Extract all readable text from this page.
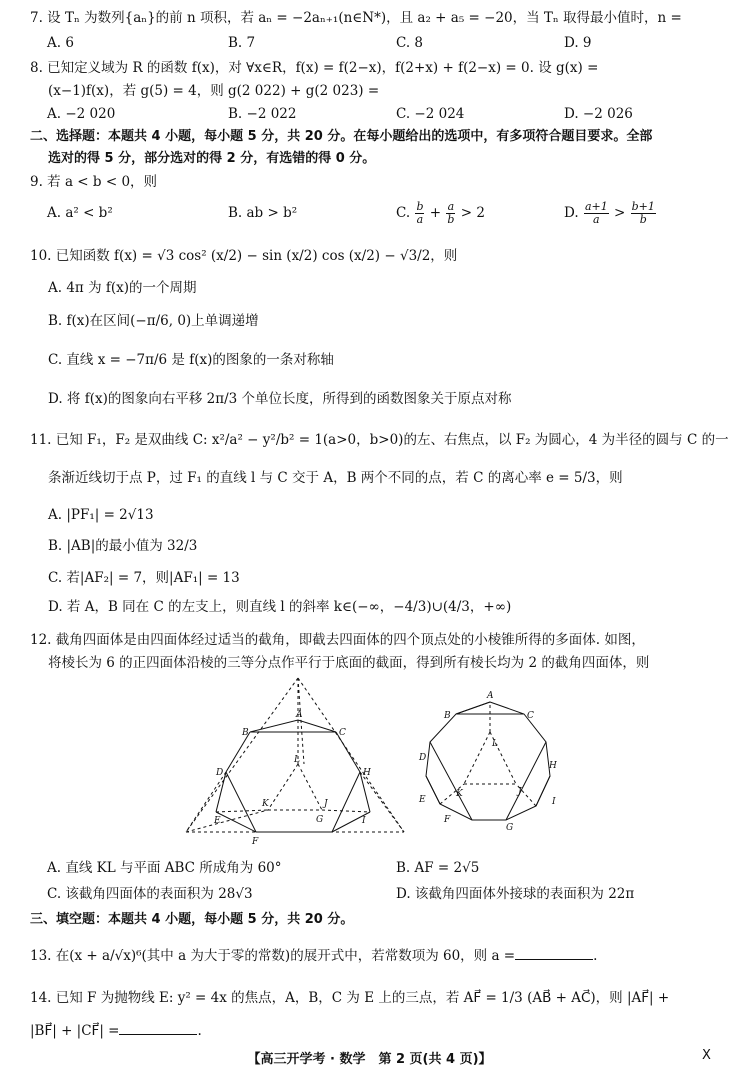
7. 设 Tₙ 为数列{aₙ}的前 n 项积，若 aₙ = −2aₙ₊₁(n∈N*)，且 a₂ + a₅ = −20，当 Tₙ 取得最小值时，n =
A. 6	B. 7	C. 8	D. 9
8. 已知定义域为 R 的函数 f(x)，对 ∀x∈R，f(x) = f(2−x)，f(2+x) + f(2−x) = 0. 设 g(x) =
(x−1)f(x)，若 g(5) = 4，则 g(2 022) + g(2 023) =
A. −2 020	B. −2 022	C. −2 024	D. −2 026
二、选择题：本题共 4 小题，每小题 5 分，共 20 分。在每小题给出的选项中，有多项符合题目要求。全部
选对的得 5 分，部分选对的得 2 分，有选错的得 0 分。
9. 若 a < b < 0，则
A. a² < b²	B. ab > b²	C. $\frac{b}{a} + \frac{a}{b} > 2$	D. $\frac{a+1}{a} > \frac{b+1}{b}$
10. 已知函数 f(x) = √3 cos² (x/2) − sin (x/2) cos (x/2) − √3/2，则
A. 4π 为 f(x)的一个周期
B. f(x)在区间(−π/6, 0)上单调递增
C. 直线 x = −7π/6 是 f(x)的图象的一条对称轴
D. 将 f(x)的图象向右平移 2π/3 个单位长度，所得到的函数图象关于原点对称
11. 已知 F₁，F₂ 是双曲线 C: x²/a² − y²/b² = 1(a>0，b>0)的左、右焦点，以 F₂ 为圆心，4 为半径的圆与 C 的一
条渐近线切于点 P，过 F₁ 的直线 l 与 C 交于 A，B 两个不同的点，若 C 的离心率 e = 5/3，则
A. |PF₁| = 2√13
B. |AB|的最小值为 32/3
C. 若|AF₂| = 7，则|AF₁| = 13
D. 若 A，B 同在 C 的左支上，则直线 l 的斜率 k∈(−∞，−4/3)∪(4/3，+∞)
12. 截角四面体是由四面体经过适当的截角，即截去四面体的四个顶点处的小棱锥所得的多面体. 如图，
将棱长为 6 的正四面体沿棱的三等分点作平行于底面的截面，得到所有棱长均为 2 的截角四面体，则
A
B	C
D
E
F
G
H
I
J
K
L
A
B	C
D
E
F
G
H
I
J
K
L
A. 直线 KL 与平面 ABC 所成角为 60°	B. AF = 2√5
C. 该截角四面体的表面积为 28√3	D. 该截角四面体外接球的表面积为 22π
三、填空题：本题共 4 小题，每小题 5 分，共 20 分。
13. 在(x + a/√x)⁶(其中 a 为大于零的常数)的展开式中，若常数项为 60，则 a =	.
14. 已知 F 为抛物线 E: y² = 4x 的焦点，A，B，C 为 E 上的三点，若 AF⃗ = 1/3 (AB⃗ + AC⃗)，则 |AF⃗| +
|BF⃗| + |CF⃗| =	.
【高三开学考 · 数学　第 2 页(共 4 页)】	X
